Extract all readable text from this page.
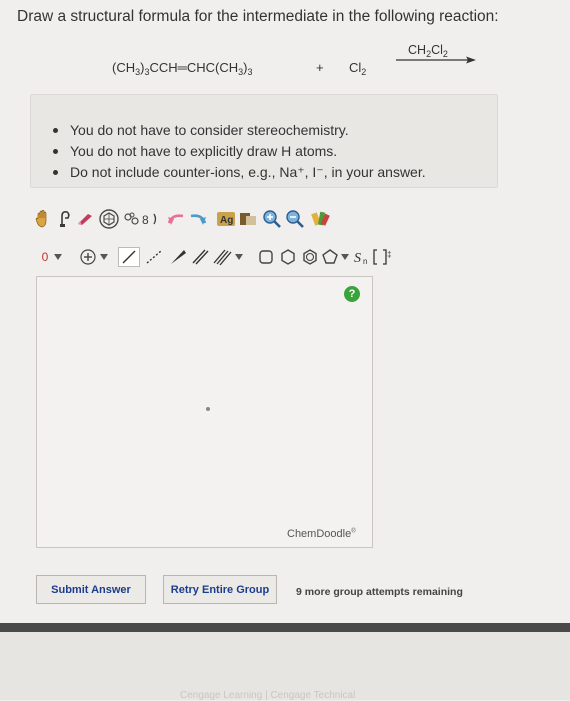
Draw a structural formula for the intermediate in the following reaction:
$(CH_3)_3CCH═CHC(CH_3)_3$	+ $Cl_2$
$CH_2Cl_2$
You do not have to consider stereochemistry.
You do not have to explicitly draw H atoms.
Do not include counter-ions, e.g., Na⁺, I⁻, in your answer.
8	Ag
0	S n
‡
?
ChemDoodle®
Submit Answer	Retry Entire Group	9 more group attempts remaining
Cengage Learning | Cengage Technical
